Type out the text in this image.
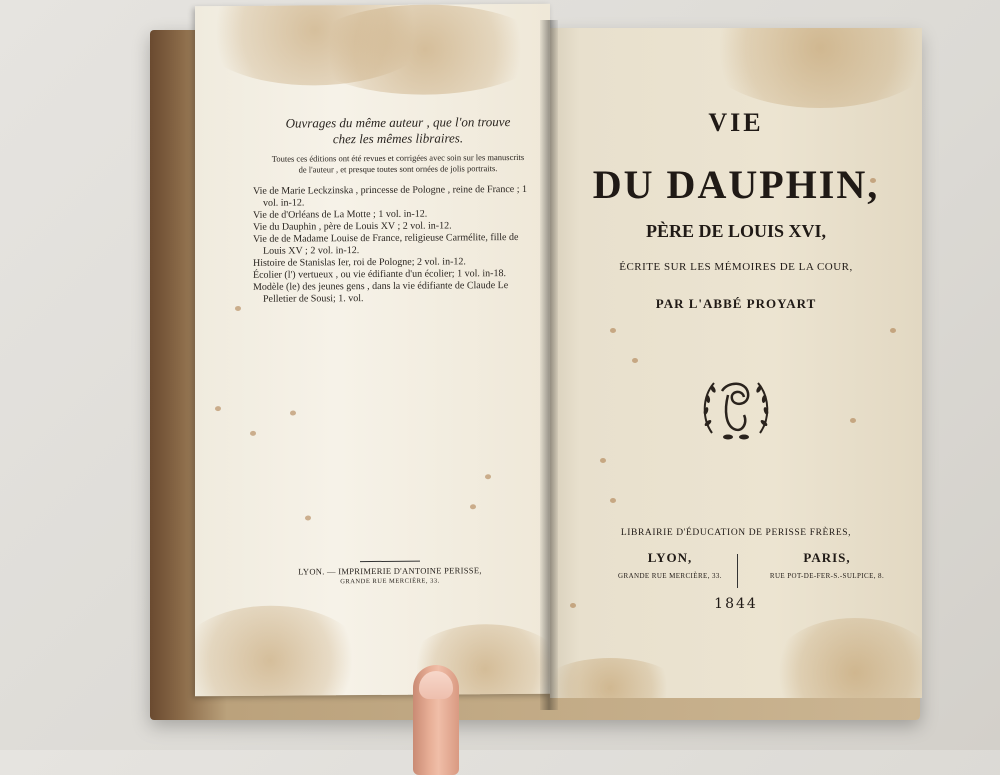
Ouvrages du même auteur , que l'on trouve
chez les mêmes libraires.
Toutes ces éditions ont été revues et corrigées avec soin sur les manuscrits
de l'auteur , et presque toutes sont ornées de jolis portraits.
Vie de Marie Leckzinska , princesse de Pologne , reine de France ; 1 vol. in-12.
Vie de d'Orléans de La Motte ; 1 vol. in-12.
Vie du Dauphin , père de Louis XV ; 2 vol. in-12.
Vie de de Madame Louise de France, religieuse Carmélite, fille de Louis XV ; 2 vol. in-12.
Histoire de Stanislas Ier, roi de Pologne; 2 vol. in-12.
Écolier (l') vertueux , ou vie édifiante d'un écolier; 1 vol. in-18.
Modèle (le) des jeunes gens , dans la vie édifiante de Claude Le Pelletier de Sousi; 1. vol.
LYON. — IMPRIMERIE D'ANTOINE PERISSE,
GRANDE RUE MERCIÈRE, 33.
VIE
DU DAUPHIN,
PÈRE DE LOUIS XVI,
ÉCRITE SUR LES MÉMOIRES DE LA COUR,
PAR L'ABBÉ PROYART
LIBRAIRIE D'ÉDUCATION DE PERISSE FRÈRES,
LYON,
GRANDE RUE MERCIÈRE, 33.
PARIS,
RUE POT-DE-FER-S.-SULPICE, 8.
1844
